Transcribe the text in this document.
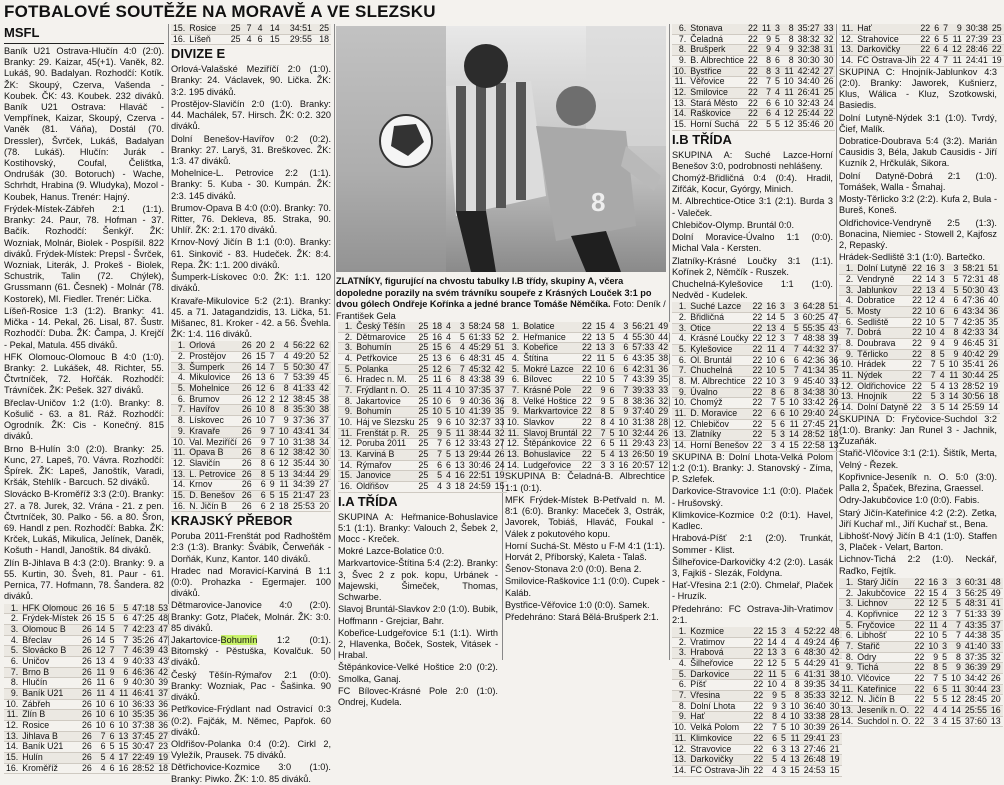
FOTBALOVÉ SOUTĚŽE NA MORAVĚ A VE SLEZSKU
MSFL

Baník U21 Ostrava-Hlučín 4:0 (2:0). Branky: 29. Kaizar, 45(+1). Vaněk, 82. Lukáš, 90. Badalyan. Rozhodčí: Kotík. ŽK: Skoupý, Czerva, Vašenda - Koubek. ČK: 43. Koubek. 232 diváků. Baník U21 Ostrava: Hlaváč - Vempřínek, Kaizar, Skoupý, Czerva - Vaněk (81. Váňa), Dostál (70. Dressler), Švrček, Lukáš, Badalyan (78. Lukáš). Hlučín: Jurák - Kostihovský, Coufal, Čelištka, Ondrušák (30. Botoruch) - Wache, Schrhdt, Hrabina (9. Wludyka), Mozol - Koubek, Hanus. Trenér: Hajný.

Frýdek-Místek-Zábřeh 2:1 (1:1). Branky: 24. Paur, 78. Hofman - 37. Bačík. Rozhodčí: Šenkýř. ŽK: Wozniak, Molnár, Biolek - Pospíšil. 822 diváků. Frýdek-Místek: Prepsl - Švrček, Wozniak, Literák, J. Prokeš - Biolek, Schustrik, Talin (72. Chýlek), Grussmann (61. Česnek) - Molnár (78. Kostorek), Ml. Fiedler. Trenér: Lička.

Líšeň-Rosice 1:3 (1:2). Branky: 41. Mička - 14. Pekal, 26. Lisal, 87. Šustr. Rozhodčí: Duba. ŽK: Čampa, J. Krejčí - Pekal, Matula. 455 diváků.

HFK Olomouc-Olomouc B 4:0 (1:0). Branky: 2. Lukášek, 48. Richter, 55. Čtvrtníček, 72. Hořčák. Rozhodčí: Trávníček. ŽK: Pešek. 327 diváků.

Břeclav-Uničov 1:2 (1:0). Branky: 8. Košulič - 63. a 81. Ráž. Rozhodčí: Ogrodník. ŽK: Cis - Konečný. 815 diváků.

Brno B-Hulín 3:0 (2:0). Branky: 25. Kunc, 27. Lapeš, 70. Vávra. Rozhodčí: Špírek. ŽK: Lapeš, Janoštík, Varadi, Kršák, Stehlík - Barcuch. 52 diváků.

Slovácko B-Kroměříž 3:3 (2:0). Branky: 27. a 78. Jurek, 32. Vrána - 21. z pen. Čtvrtníček, 30. Palko - 56. a 80. Šron, 69. Handl z pen. Rozhodčí: Babka. ŽK: Krček, Lukáš, Mikulica, Jelínek, Daněk, Košuth - Handl, Janoštík. 84 diváků.

Zlín B-Jihlava B 4:3 (2:0). Branky: 9. a 55. Kurtin, 30. Šveh, 81. Paur - 61. Pernica, 77. Hofmann, 78. Šandera. 82 diváků.

1.	HFK Olomouc	26	16	5	5	47:18	53
2.	Frýdek-Místek	26	15	5	6	47:25	48
3.	Olomouc B	26	14	5	7	42:23	47
4.	Břeclav	26	14	5	7	35:26	47
5.	Slovácko B	26	12	7	7	46:39	43
6.	Uničov	26	13	4	9	40:33	43
7.	Brno B	26	11	9	6	46:36	42
8.	Hlučín	26	11	6	9	40:30	39
9.	Baník U21	26	11	4	11	46:41	37
10.	Zábřeh	26	10	6	10	36:33	36
11.	Zlín B	26	10	6	10	35:35	36
12.	Rosice	26	10	6	10	37:38	36
13.	Jihlava B	26	7	6	13	37:45	27
14.	Baník U21	26	6	5	15	30:47	23
15.	Hulín	26	5	4	17	22:49	19
16.	Kroměříž	26	4	6	16	28:52	18
15.	Rosice	25	7	4	14	34:51	25
16.	Líšeň	25	4	6	15	29:55	18
DIVIZE E

Orlová-Valašské Meziříčí 2:0 (1:0). Branky: 24. Václavek, 90. Lička. ŽK: 3:2. 195 diváků.

Prostějov-Slavičín 2:0 (1:0). Branky: 44. Machálek, 57. Hirsch. ŽK: 0:2. 320 diváků.

Dolní Benešov-Havířov 0:2 (0:2). Branky: 27. Laryš, 31. Breškovec. ŽK: 1:3. 47 diváků.

Mohelnice-L. Petrovice 2:2 (1:1). Branky: 5. Kuba - 30. Kumpán. ŽK: 2:3. 145 diváků.

Brumov-Opava B 4:0 (0:0). Branky: 70. Ritter, 76. Dekleva, 85. Straka, 90. Uhlíř. ŽK: 2:1. 170 diváků.

Krnov-Nový Jičín B 1:1 (0:0). Branky: 61. Sinkovič - 83. Hudeček. ŽK: 8:4. Repa. ŽK: 1:1. 200 diváků.

Šumperk-Lískovec 0:0. ŽK: 1:1. 120 diváků.

Kravaře-Mikulovice 5:2 (2:1). Branky: 45. a 71. Jatagandzidis, 13. Lička, 51. Mišanec, 81. Kroker - 42. a 56. Švehla. ŽK: 1:4. 116 diváků.

1.	Orlová	26	20	2	4	56:22	62
2.	Prostějov	26	15	7	4	49:20	52
3.	Šumperk	26	14	7	5	50:30	47
4.	Mikulovice	26	13	6	7	53:39	45
5.	Mohelnice	26	12	6	8	41:33	42
6.	Brumov	26	12	2	12	38:45	38
7.	Havířov	26	10	8	8	35:30	38
8.	Lískovec	26	10	7	9	37:36	37
9.	Kravaře	26	9	7	10	43:41	34
10.	Val. Meziříčí	26	9	7	10	31:38	34
11.	Opava B	26	8	6	12	38:42	30
12.	Slavičín	26	8	6	12	35:44	30
13.	L. Petrovice	26	8	5	13	34:44	29
14.	Krnov	26	6	9	11	34:39	27
15.	D. Benešov	26	6	5	15	21:47	23
16.	N. Jičín B	26	6	2	18	25:53	20
KRAJSKÝ PŘEBOR

Poruba 2011-Frenštát pod Radhoštěm 2:3 (1:3). Branky: Švábík, Čerweňák - Dorňák, Kunz, Kantor. 140 diváků.

Hradec nad Moravicí-Karviná B 1:1 (0:0). Prohazka - Egermajer. 100 diváků.

Dětmarovice-Janovice 4:0 (2:0). Branky: Gotz, Plaček, Molnár. ŽK: 3:0. 85 diváků.

Jakartovice-Bohumín 1:2 (0:1). Bitomský - Pěstuška, Kovalčuk. 50 diváků.

Český Těšín-Rýmařov 2:1 (0:0). Branky: Wozniak, Pac - Šašinka. 90 diváků.

Petřkovice-Frýdlant nad Ostravicí 0:3 (0:2). Fajčák, M. Němec, Papřok. 60 diváků.

Oldřišov-Polanka 0:4 (0:2). Cirkl 2, Vyležík, Prausek. 75 diváků.

Dětřichovice-Kozmice 3:0 (1:0). Branky: Piwko. ŽK: 1:0. 85 diváků.

8
ZLATNÍKY, figurující na chvostu tabulky I.B třídy, skupiny A, včera dopoledne porazily na svém trávníku soupeře z Krásných Louček 3:1 po dvou gólech Ondřeje Kořínka a jedné brance Tomáše Němčíka. Foto: Deník / František Gela
1.	Český Těšín	25	18	4	3	58:24	58
2.	Dětmarovice	25	16	4	5	61:33	52
3.	Bohumín	25	15	6	4	45:29	51
4.	Petřkovice	25	13	6	6	48:31	45
5.	Polanka	25	12	6	7	45:32	42
6.	Hradec n. M.	25	11	6	8	43:38	39
7.	Frýdlant n. O.	25	11	4	10	37:35	37
8.	Jakartovice	25	10	6	9	40:36	36
9.	Bohumín	25	10	5	10	41:39	35
10.	Háj ve Slezsku	25	9	6	10	32:37	33
11.	Frenštát p. R.	25	9	5	11	38:44	32
12.	Poruba 2011	25	7	6	12	33:43	27
13.	Karviná B	25	7	5	13	29:44	26
14.	Rýmařov	25	6	6	13	30:46	24
15.	Janovice	25	5	4	16	22:51	19
16.	Oldřišov	25	4	3	18	24:59	15
I.A TŘÍDA

SKUPINA A: Heřmanice-Bohuslavice 5:1 (1:1). Branky: Valouch 2, Šebek 2, Mocc - Kreček.

Mokré Lazce-Bolatice 0:0.

Markvartovice-Štítina 5:4 (2:2). Branky: 3, Švec 2 z pok. kopu, Urbánek - Majewski, Šimeček, Thomas, Schwarbe.

Slavoj Bruntál-Slavkov 2:0 (1:0). Bubik, Hoffmann - Grejciar, Bahr.

Kobeřice-Ludgeřovice 5:1 (1:1). Wirth 2, Hlavenka, Boček, Sostek, Vitásek - Hrabal.

Štěpánkovice-Velké Hoštice 2:0 (0:2). Smolka, Ganaj.

FC Bílovec-Krásné Pole 2:0 (1:0). Ondrej, Kudela.

1.	Bolatice	22	15	4	3	56:21	49
2.	Heřmanice	22	13	5	4	55:30	44
3.	Kobeřice	22	13	3	6	57:33	42
4.	Štítina	22	11	5	6	43:35	38
5.	Mokré Lazce	22	10	6	6	42:31	36
6.	Bílovec	22	10	5	7	43:39	35
7.	Krásné Pole	22	9	6	7	39:33	33
8.	Velké Hoštice	22	9	5	8	38:36	32
9.	Markvartovice	22	8	5	9	37:40	29
10.	Slavkov	22	8	4	10	31:38	28
11.	Slavoj Bruntál	22	7	5	10	32:44	26
12.	Štěpánkovice	22	6	5	11	29:43	23
13.	Bohuslavice	22	5	4	13	26:50	19
14.	Ludgeřovice	22	3	3	16	20:57	12

SKUPINA B: Čeladná-B. Albrechtice 1:1 (0:1).

MFK Frýdek-Místek B-Petřvald n. M. 8:1 (6:0). Branky: Maceček 3, Ostrák, Javorek, Tobiáš, Hlaváč, Foukal - Válek z pokutového kopu.

Horní Suchá-St. Město u F-M 4:1 (1:1). Horvát 2, Příborský, Kaleta - Talaš.

Šenov-Stonava 2:0 (0:0). Bena 2.

Smilovice-Raškovice 1:1 (0:0). Cupek - Kaláb.

Bystřice-Věřovice 1:0 (0:0). Samek.

Předehráno: Stará Bělá-Brušperk 2:1.

6.	Stonava	22	11	3	8	35:27	33
7.	Čeladná	22	9	5	8	38:32	32
8.	Brušperk	22	9	4	9	32:38	31
9.	B. Albrechtice	22	8	6	8	30:30	30
10.	Bystřice	22	8	3	11	42:42	27
11.	Věřovice	22	7	5	10	34:40	26
12.	Smilovice	22	7	4	11	26:41	25
13.	Stará Město	22	6	6	10	32:43	24
14.	Raškovice	22	6	4	12	25:44	22
15.	Horní Suchá	22	5	5	12	35:46	20
I.B TŘÍDA

SKUPINA A: Suché Lazce-Horní Benešov 3:0, podrobnosti nehlášeny.

Chomýž-Břidličná 0:4 (0:4). Hradil, Zifčák, Kocur, Gyórgy, Minich.

M. Albrechtice-Otice 3:1 (2:1). Burda 3 - Valeček.

Chlebičov-Olymp. Bruntál 0:0.

Dolní Moravice-Úvalno 1:1 (0:0). Michal Vala - Kersten.

Zlatníky-Krásné Loučky 3:1 (1:1). Kořínek 2, Němčík - Ruszek.

Chuchelná-Kylešovice 1:1 (1:0). Nedvěd - Kudelek.

1.	Suché Lazce	22	16	3	3	64:28	51
2.	Břidličná	22	14	5	3	60:25	47
3.	Otice	22	13	4	5	55:35	43
4.	Krásné Loučky	22	12	3	7	48:38	39
5.	Kylešovice	22	11	4	7	44:32	37
6.	Ol. Bruntál	22	10	6	6	42:36	36
7.	Chuchelná	22	10	5	7	41:34	35
8.	M. Albrechtice	22	10	3	9	45:40	33
9.	Úvalno	22	8	6	8	34:38	30
10.	Chomýž	22	7	5	10	33:42	26
11.	D. Moravice	22	6	6	10	29:40	24
12.	Chlebičov	22	5	6	11	27:45	21
13.	Zlatníky	22	5	3	14	28:52	18
14.	Horní Benešov	22	3	4	15	22:58	13

SKUPINA B: Dolní Lhota-Velká Polom 1:2 (0:1). Branky: J. Stanovský - Zíma, P. Szlefek.

Darkovice-Stravovice 1:1 (0:0). Plaček - Hrušovský.

Klimkovice-Kozmice 0:2 (0:1). Havel, Kadlec.

Hrabová-Píšť 2:1 (2:0). Trunkát, Sommer - Klist.

Šilheřovice-Darkovičky 4:2 (2:0). Lasák 3, Fajkiš - Slezák, Foldyna.

Hať-Vřesina 2:1 (2:0). Chmelař, Plaček - Hruzík.

Předehráno: FC Ostrava-Jih-Vratimov 2:1.

1.	Kozmice	22	15	3	4	52:22	48
2.	Vratimov	22	14	4	4	49:24	46
3.	Hrabová	22	13	3	6	48:30	42
4.	Šilheřovice	22	12	5	5	44:29	41
5.	Darkovice	22	11	5	6	41:31	38
6.	Píšť	22	10	4	8	39:35	34
7.	Vřesina	22	9	5	8	35:33	32
8.	Dolní Lhota	22	9	3	10	36:40	30
9.	Hať	22	8	4	10	33:38	28
10.	Velká Polom	22	7	5	10	30:39	26
11.	Klimkovice	22	6	5	11	29:41	23
12.	Stravovice	22	6	3	13	27:46	21
13.	Darkovičky	22	5	4	13	26:48	19
14.	FC Ostrava-Jih	22	4	3	15	24:53	15
11.	Hať	22	6	7	9	30:38	25
12.	Strahovice	22	6	5	11	27:39	23
13.	Darkovičky	22	6	4	12	28:46	22
14.	FC Ostrava-Jih	22	4	7	11	24:41	19

SKUPINA C: Hnojník-Jablunkov 4:3 (2:0). Branky: Jaworek, Kušnierz, Klus, Wálica - Kluz, Szotkowski, Basiedis.

Dolní Lutyně-Nýdek 3:1 (1:0). Tvrdý, Čief, Malík.

Dobratice-Doubrava 5:4 (3:2). Marián Causidis 3, Béla, Jakub Causidis - Jiří Kuzník 2, Hrčkulák, Sikora.

Dolní Datyně-Dobrá 2:1 (1:0). Tomášek, Walla - Šmahaj.

Mosty-Těrlicko 3:2 (2:2). Kufa 2, Bula - Bureš, Koneš.

Oldřichovice-Vendryně 2:5 (1:3). Bonacina, Niemiec - Stowell 2, Kajfosz 2, Repaský.

Hrádek-Sedliště 3:1 (1:0). Bartečko.

1.	Dolní Lutyně	22	16	3	3	58:21	51
2.	Vendryně	22	14	3	5	72:31	48
3.	Jablunkov	22	13	4	5	50:30	43
4.	Dobratice	22	12	4	6	47:36	40
5.	Mosty	22	10	6	6	43:34	36
6.	Sedliště	22	10	5	7	42:35	35
7.	Dobrá	22	10	4	8	42:33	34
8.	Doubrava	22	9	4	9	46:45	31
9.	Těrlicko	22	8	5	9	40:42	29
10.	Hrádek	22	7	5	10	35:41	26
11.	Nýdek	22	7	4	11	30:44	25
12.	Oldřichovice	22	5	4	13	28:52	19
13.	Hnojník	22	5	3	14	30:56	18
14.	Dolní Datyně	22	3	5	14	25:59	14

SKUPINA D: Fryčovice-Suchdol 3:2 (1:0). Branky: Jan Runel 3 - Jachnik, Zuzaňák.

Stařič-Vlčovice 3:1 (2:1). Šištík, Merta, Velný - Řezek.

Kopřivnice-Jeseník n. O. 5:0 (3:0). Palla 2, Špaček, Březina, Graessel.

Odry-Jakubčovice 1:0 (0:0). Fabis.

Starý Jičín-Kateřinice 4:2 (2:2). Zetka, Jiří Kuchař ml., Jiří Kuchař st., Bena.

Libhošť-Nový Jičín B 4:1 (1:0). Staffen 3, Plaček - Velart, Barton.

Lichnov-Tichá 2:2 (1:0). Neckář, Raďko, Fejtík.

1.	Starý Jičín	22	16	3	3	60:31	48
2.	Jakubčovice	22	15	4	3	56:25	49
3.	Lichnov	22	12	5	5	48:31	41
4.	Kopřivnice	22	12	3	7	51:33	39
5.	Fryčovice	22	11	4	7	43:35	37
6.	Libhošť	22	10	5	7	44:38	35
7.	Stařič	22	10	3	9	41:40	33
8.	Odry	22	9	5	8	37:35	32
9.	Tichá	22	8	5	9	36:39	29
10.	Vlčovice	22	7	5	10	34:42	26
11.	Kateřinice	22	6	5	11	30:44	23
12.	N. Jičín B	22	5	5	12	28:45	20
13.	Jeseník n. O.	22	4	4	14	25:55	16
14.	Suchdol n. O.	22	3	4	15	37:60	13
